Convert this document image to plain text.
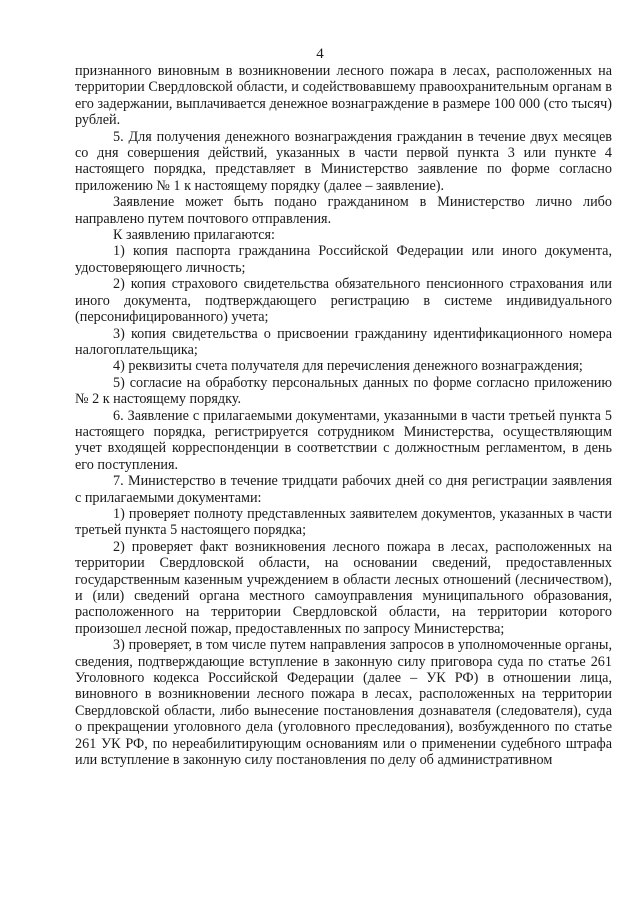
4

признанного виновным в возникновении лесного пожара в лесах, расположенных на территории Свердловской области, и содействовавшему правоохранительным органам в его задержании, выплачивается денежное вознаграждение в размере 100 000 (сто тысяч) рублей.

5. Для получения денежного вознаграждения гражданин в течение двух месяцев со дня совершения действий, указанных в части первой пункта 3 или пункте 4 настоящего порядка, представляет в Министерство заявление по форме согласно приложению № 1 к настоящему порядку (далее – заявление).

Заявление может быть подано гражданином в Министерство лично либо направлено путем почтового отправления.

К заявлению прилагаются:

1) копия паспорта гражданина Российской Федерации или иного документа, удостоверяющего личность;

2) копия страхового свидетельства обязательного пенсионного страхования или иного документа, подтверждающего регистрацию в системе индивидуального (персонифицированного) учета;

3) копия свидетельства о присвоении гражданину идентификационного номера налогоплательщика;

4) реквизиты счета получателя для перечисления денежного вознаграждения;

5) согласие на обработку персональных данных по форме согласно приложению № 2 к настоящему порядку.

6. Заявление с прилагаемыми документами, указанными в части третьей пункта 5 настоящего порядка, регистрируется сотрудником Министерства, осуществляющим учет входящей корреспонденции в соответствии с должностным регламентом, в день его поступления.

7. Министерство в течение тридцати рабочих дней со дня регистрации заявления с прилагаемыми документами:

1) проверяет полноту представленных заявителем документов, указанных в части третьей пункта 5 настоящего порядка;

2) проверяет факт возникновения лесного пожара в лесах, расположенных на территории Свердловской области, на основании сведений, предоставленных государственным казенным учреждением в области лесных отношений (лесничеством), и (или) сведений органа местного самоуправления муниципального образования, расположенного на территории Свердловской области, на территории которого произошел лесной пожар, предоставленных по запросу Министерства;

3) проверяет, в том числе путем направления запросов в уполномоченные органы, сведения, подтверждающие вступление в законную силу приговора суда по статье 261 Уголовного кодекса Российской Федерации (далее – УК РФ) в отношении лица, виновного в возникновении лесного пожара в лесах, расположенных на территории Свердловской области, либо вынесение постановления дознавателя (следователя), суда о прекращении уголовного дела (уголовного преследования), возбужденного по статье 261 УК РФ, по нереабилитирующим основаниям или о применении судебного штрафа или вступление в законную силу постановления по делу об административном
